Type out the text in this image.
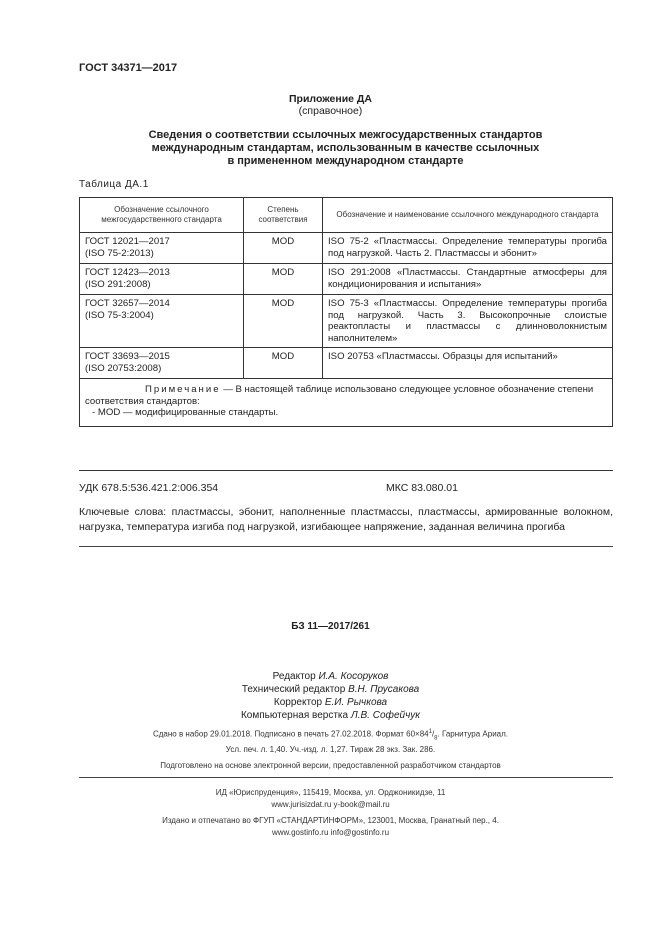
ГОСТ 34371—2017
Приложение ДА
(справочное)
Сведения о соответствии ссылочных межгосударственных стандартов
международным стандартам, использованным в качестве ссылочных
в примененном международном стандарте
Таблица ДА.1
Обозначение ссылочного межгосударственного стандарта	Степень соответствия	Обозначение и наименование ссылочного международного стандарта

ГОСТ 12021—2017
(ISO 75-2:2013)	MOD	ISO 75-2 «Пластмассы. Определение температуры прогиба под нагрузкой. Часть 2. Пластмассы и эбонит»

ГОСТ 12423—2013
(ISO 291:2008)	MOD	ISO 291:2008 «Пластмассы. Стандартные атмосферы для кондиционирования и испытания»

ГОСТ 32657—2014
(ISO 75-3:2004)	MOD	ISO 75-3 «Пластмассы. Определение температуры прогиба под нагрузкой. Часть 3. Высокопрочные слоистые реактопласты и пластмассы с длинноволокнистым наполнителем»

ГОСТ 33693—2015
(ISO 20753:2008)	MOD	ISO 20753 «Пластмассы. Образцы для испытаний»

Примечание — В настоящей таблице использовано следующее условное обозначение степени соответствия стандартов:
- MOD — модифицированные стандарты.		
УДК 678.5:536.421.2:006.354	МКС 83.080.01
Ключевые слова: пластмассы, эбонит, наполненные пластмассы, пластмассы, армированные волокном, нагрузка, температура изгиба под нагрузкой, изгибающее напряжение, заданная величина прогиба
БЗ 11—2017/261
Редактор И.А. Косоруков
Технический редактор В.Н. Прусакова
Корректор Е.И. Рычкова
Компьютерная верстка Л.В. Софейчук
Сдано в набор 29.01.2018. Подписано в печать 27.02.2018. Формат $60\times 84^1/_8$. Гарнитура Ариал.
Усл. печ. л. 1,40. Уч.-изд. л. 1,27. Тираж 28 экз. Зак. 286.
Подготовлено на основе электронной версии, предоставленной разработчиком стандартов
ИД «Юриспруденция», 115419, Москва, ул. Орджоникидзе, 11
www.jurisizdat.ru y-book@mail.ru
Издано и отпечатано во ФГУП «СТАНДАРТИНФОРМ», 123001, Москва, Гранатный пер., 4.
www.gostinfo.ru info@gostinfo.ru
